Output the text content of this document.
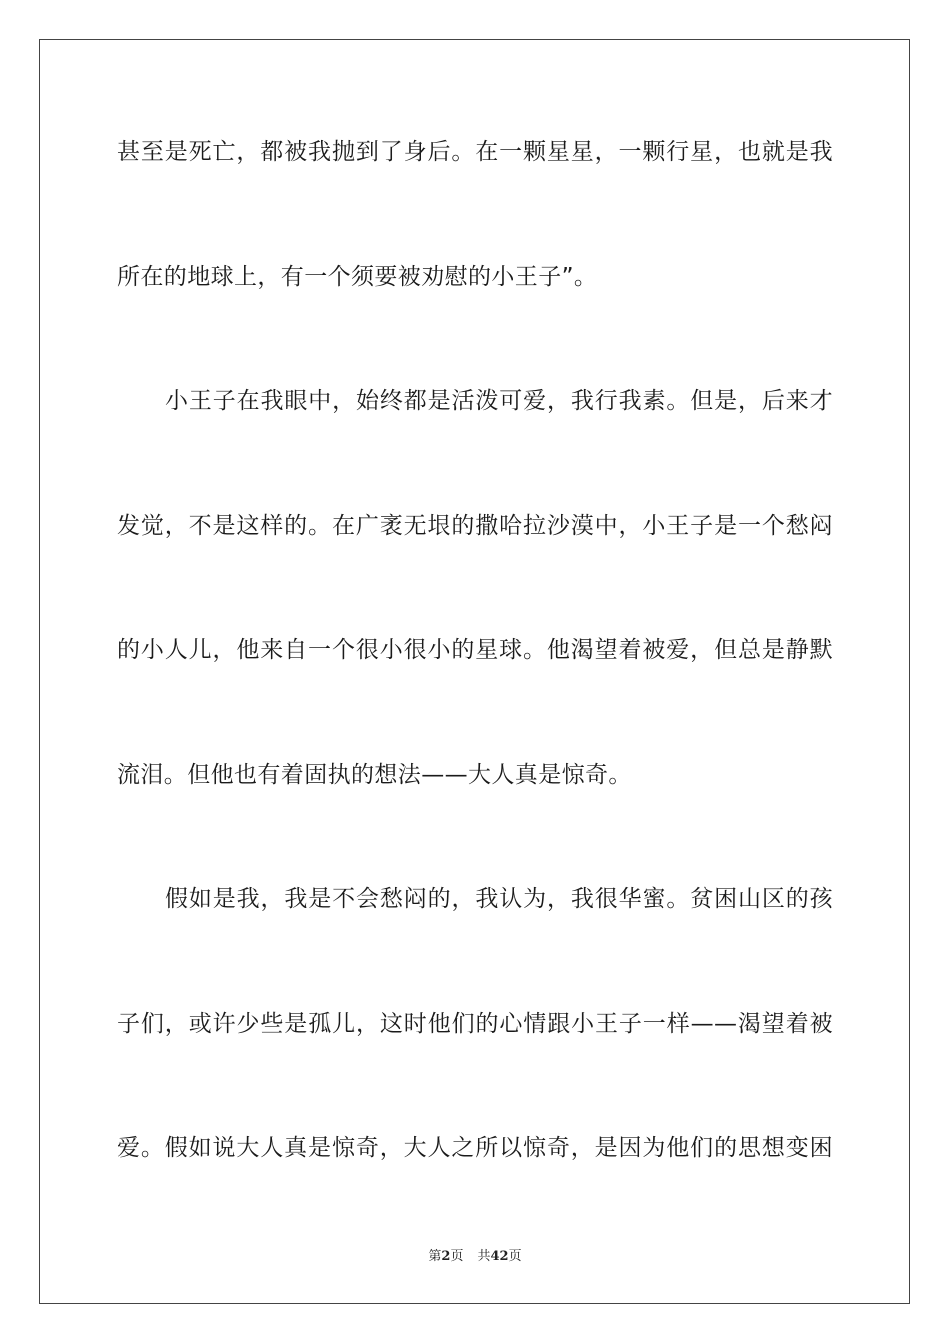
甚至是死亡，都被我抛到了身后。在一颗星星，一颗行星，也就是我
所在的地球上，有一个须要被劝慰的小王子”。
小王子在我眼中，始终都是活泼可爱，我行我素。但是，后来才
发觉，不是这样的。在广袤无垠的撒哈拉沙漠中，小王子是一个愁闷
的小人儿，他来自一个很小很小的星球。他渴望着被爱，但总是静默
流泪。但他也有着固执的想法——大人真是惊奇。
假如是我，我是不会愁闷的，我认为，我很华蜜。贫困山区的孩
子们，或许少些是孤儿，这时他们的心情跟小王子一样——渴望着被
爱。假如说大人真是惊奇，大人之所以惊奇，是因为他们的思想变困
第2页 共42页
